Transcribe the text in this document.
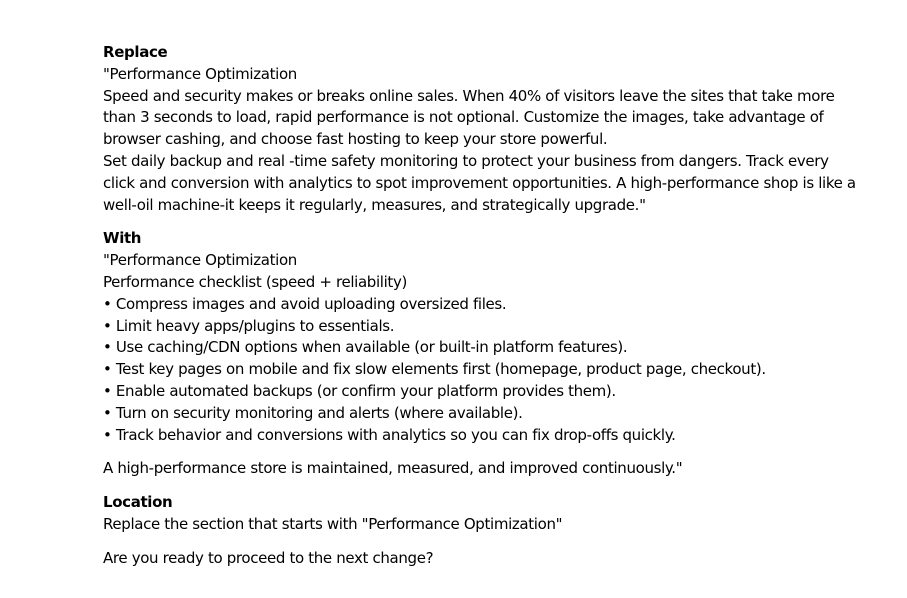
Replace
"Performance Optimization
Speed and security makes or breaks online sales. When 40% of visitors leave the sites that take more
than 3 seconds to load, rapid performance is not optional. Customize the images, take advantage of
browser cashing, and choose fast hosting to keep your store powerful.
Set daily backup and real -time safety monitoring to protect your business from dangers. Track every
click and conversion with analytics to spot improvement opportunities. A high-performance shop is like a
well-oil machine-it keeps it regularly, measures, and strategically upgrade."
With
"Performance Optimization
Performance checklist (speed + reliability)
• Compress images and avoid uploading oversized files.
• Limit heavy apps/plugins to essentials.
• Use caching/CDN options when available (or built-in platform features).
• Test key pages on mobile and fix slow elements first (homepage, product page, checkout).
• Enable automated backups (or confirm your platform provides them).
• Turn on security monitoring and alerts (where available).
• Track behavior and conversions with analytics so you can fix drop-offs quickly.
A high-performance store is maintained, measured, and improved continuously."
Location
Replace the section that starts with "Performance Optimization"
Are you ready to proceed to the next change?
